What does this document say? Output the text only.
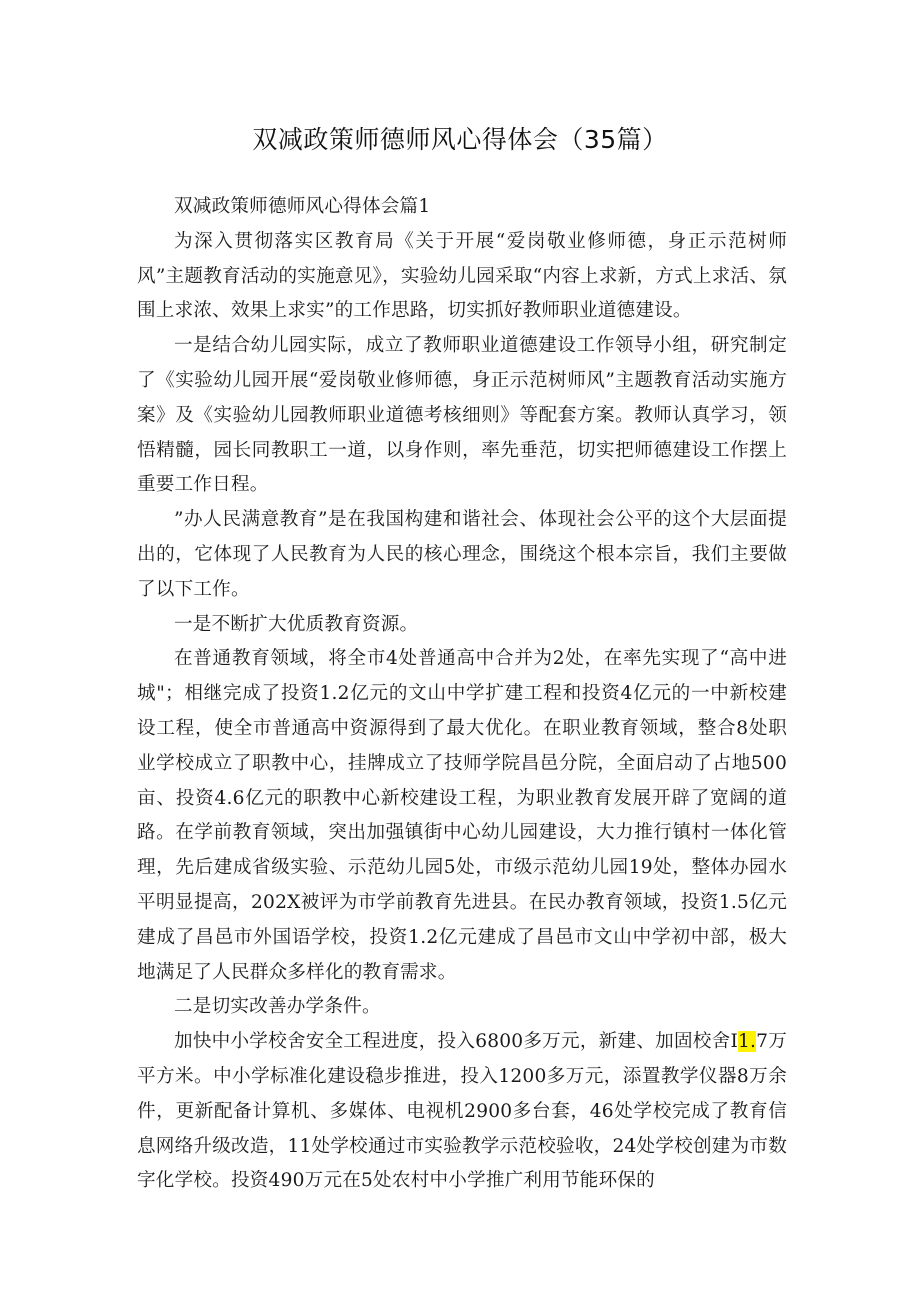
双减政策师德师风心得体会（35篇）

双减政策师德师风心得体会篇1

为深入贯彻落实区教育局《关于开展“爱岗敬业修师德，身正示范树师风”主题教育活动的实施意见》，实验幼儿园采取“内容上求新，方式上求活、氛围上求浓、效果上求实”的工作思路，切实抓好教师职业道德建设。

一是结合幼儿园实际，成立了教师职业道德建设工作领导小组，研究制定了《实验幼儿园开展“爱岗敬业修师德，身正示范树师风”主题教育活动实施方案》及《实验幼儿园教师职业道德考核细则》等配套方案。教师认真学习，领悟精髓，园长同教职工一道，以身作则，率先垂范，切实把师德建设工作摆上重要工作日程。

”办人民满意教育”是在我国构建和谐社会、体现社会公平的这个大层面提出的，它体现了人民教育为人民的核心理念，围绕这个根本宗旨，我们主要做了以下工作。

一是不断扩大优质教育资源。

在普通教育领域，将全市4处普通高中合并为2处，在率先实现了“高中进城"；相继完成了投资1.2亿元的文山中学扩建工程和投资4亿元的一中新校建设工程，使全市普通高中资源得到了最大优化。在职业教育领域，整合8处职业学校成立了职教中心，挂牌成立了技师学院昌邑分院，全面启动了占地500亩、投资4.6亿元的职教中心新校建设工程，为职业教育发展开辟了宽阔的道路。在学前教育领域，突出加强镇街中心幼儿园建设，大力推行镇村一体化管理，先后建成省级实验、示范幼儿园5处，市级示范幼儿园19处，整体办园水平明显提高，202X被评为市学前教育先进县。在民办教育领域，投资1.5亿元建成了昌邑市外国语学校，投资1.2亿元建成了昌邑市文山中学初中部，极大地满足了人民群众多样化的教育需求。

二是切实改善办学条件。

加快中小学校舍安全工程进度，投入6800多万元，新建、加固校舍I1.7万平方米。中小学标准化建设稳步推进，投入1200多万元，添置教学仪器8万余件，更新配备计算机、多媒体、电视机2900多台套，46处学校完成了教育信息网络升级改造，11处学校通过市实验教学示范校验收，24处学校创建为市数字化学校。投资490万元在5处农村中小学推广利用节能环保的
